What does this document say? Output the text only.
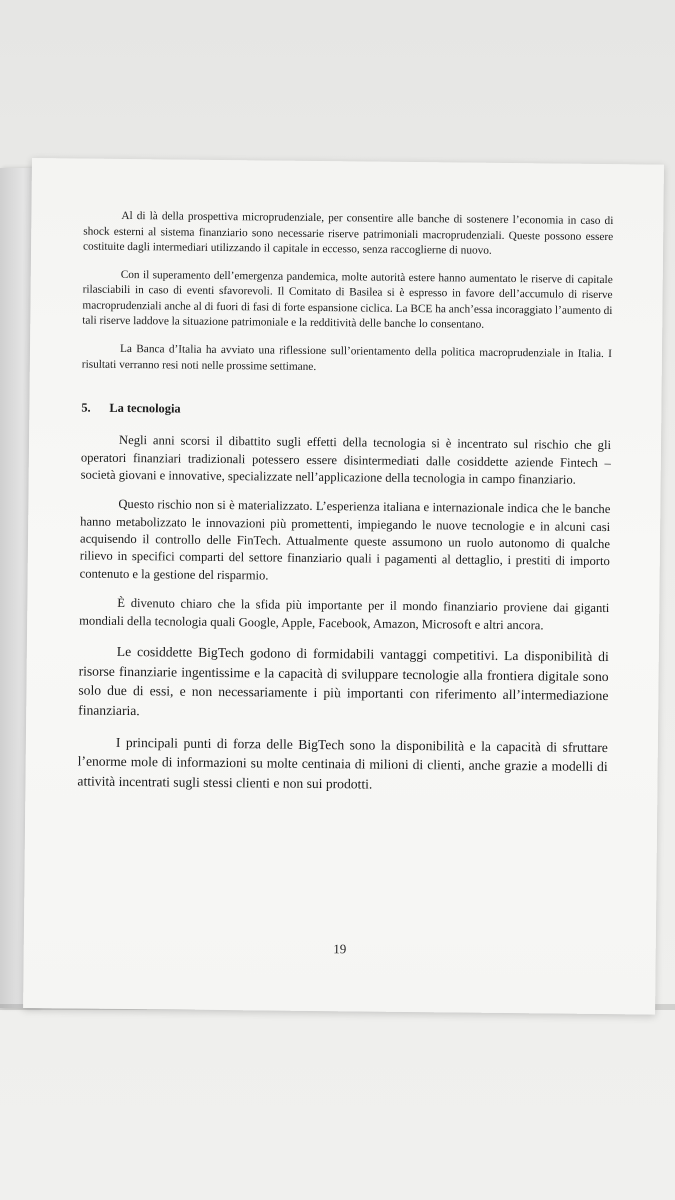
Al di là della prospettiva microprudenziale, per consentire alle banche di sostenere l’economia in caso di shock esterni al sistema finanziario sono necessarie riserve patrimoniali macroprudenziali. Queste possono essere costituite dagli intermediari utilizzando il capitale in eccesso, senza raccoglierne di nuovo.

Con il superamento dell’emergenza pandemica, molte autorità estere hanno aumentato le riserve di capitale rilasciabili in caso di eventi sfavorevoli. Il Comitato di Basilea si è espresso in favore dell’accumulo di riserve macroprudenziali anche al di fuori di fasi di forte espansione ciclica. La BCE ha anch’essa incoraggiato l’aumento di tali riserve laddove la situazione patrimoniale e la redditività delle banche lo consentano.

La Banca d’Italia ha avviato una riflessione sull’orientamento della politica macroprudenziale in Italia. I risultati verranno resi noti nelle prossime settimane.

5. La tecnologia

Negli anni scorsi il dibattito sugli effetti della tecnologia si è incentrato sul rischio che gli operatori finanziari tradizionali potessero essere disintermediati dalle cosiddette aziende Fintech – società giovani e innovative, specializzate nell’applicazione della tecnologia in campo finanziario.

Questo rischio non si è materializzato. L’esperienza italiana e internazionale indica che le banche hanno metabolizzato le innovazioni più promettenti, impiegando le nuove tecnologie e in alcuni casi acquisendo il controllo delle FinTech. Attualmente queste assumono un ruolo autonomo di qualche rilievo in specifici comparti del settore finanziario quali i pagamenti al dettaglio, i prestiti di importo contenuto e la gestione del risparmio.

È divenuto chiaro che la sfida più importante per il mondo finanziario proviene dai giganti mondiali della tecnologia quali Google, Apple, Facebook, Amazon, Microsoft e altri ancora.

Le cosiddette BigTech godono di formidabili vantaggi competitivi. La disponibilità di risorse finanziarie ingentissime e la capacità di sviluppare tecnologie alla frontiera digitale sono solo due di essi, e non necessariamente i più importanti con riferimento all’intermediazione finanziaria.

I principali punti di forza delle BigTech sono la disponibilità e la capacità di sfruttare l’enorme mole di informazioni su molte centinaia di milioni di clienti, anche grazie a modelli di attività incentrati sugli stessi clienti e non sui prodotti.

19
